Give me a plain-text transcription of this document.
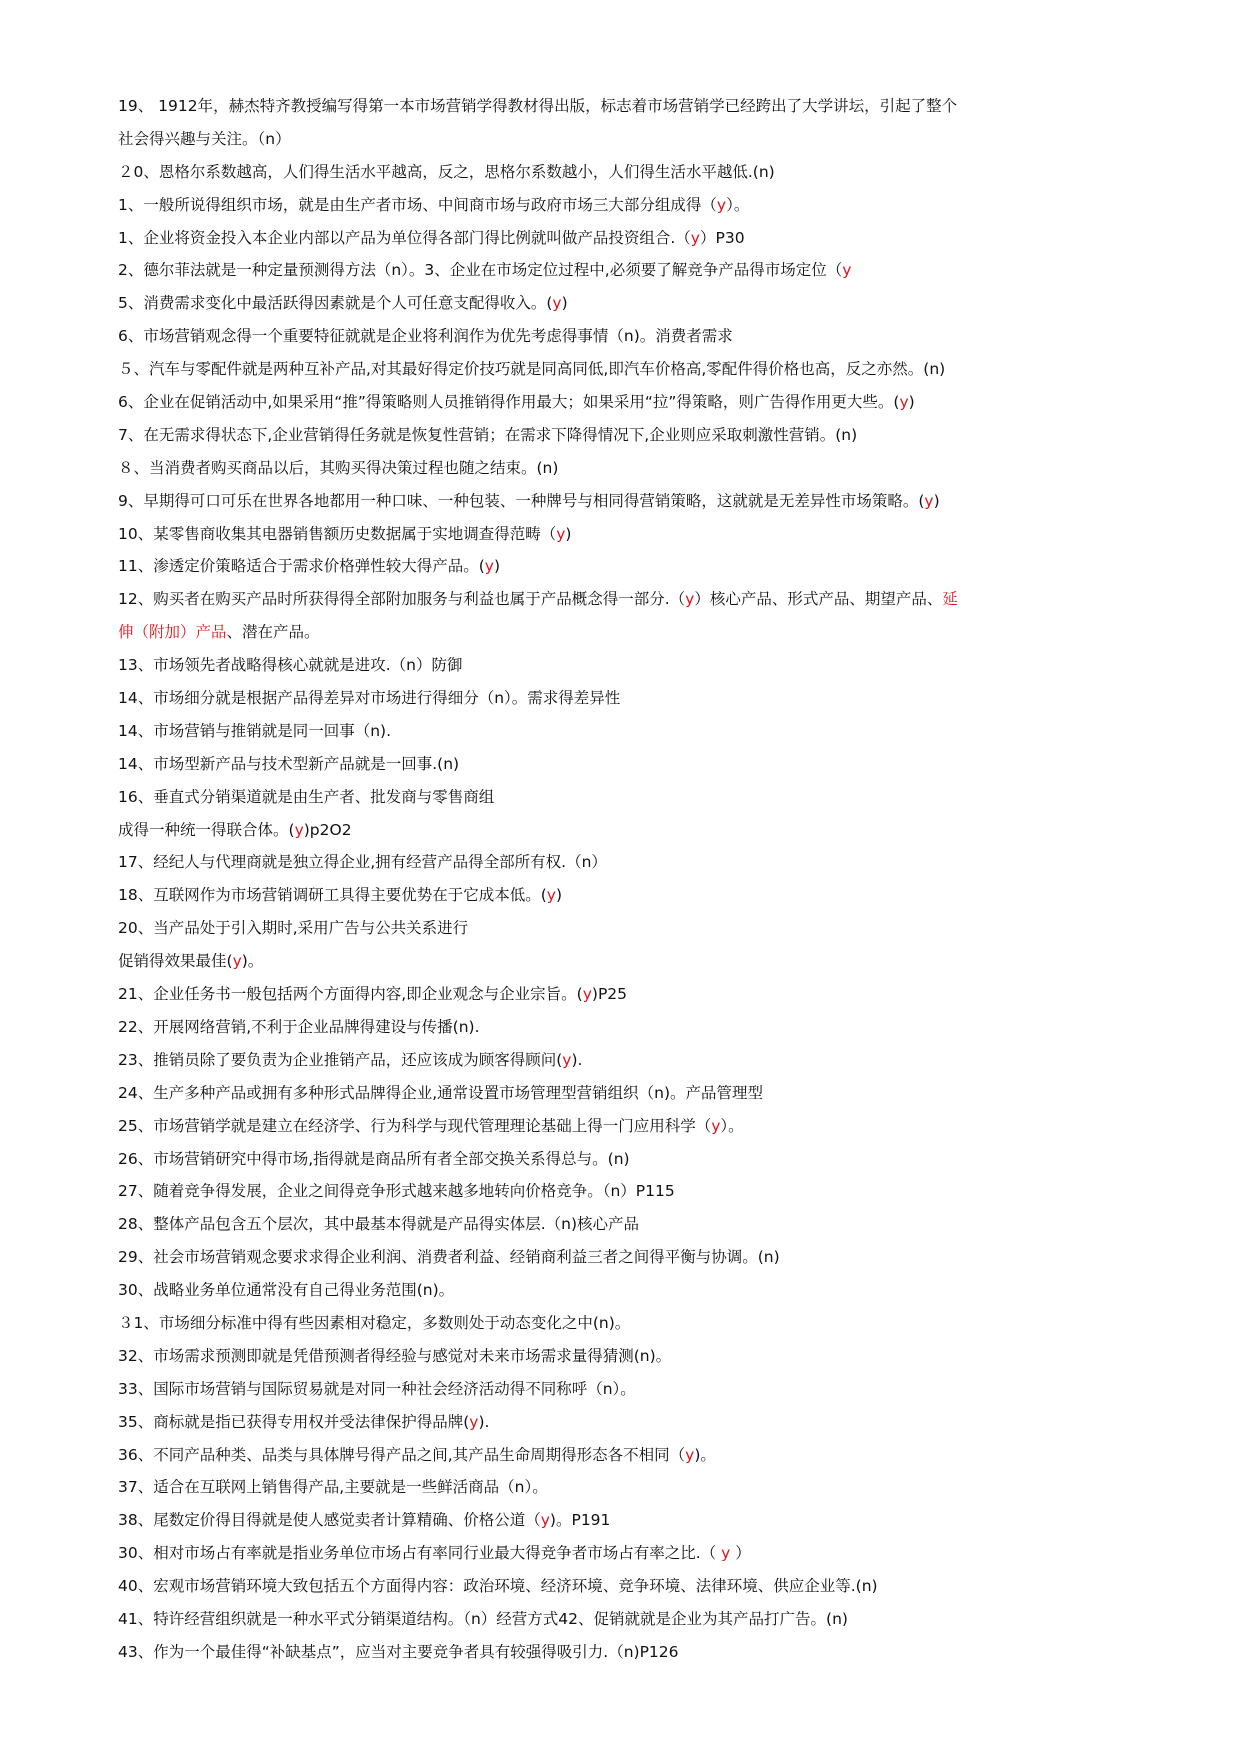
19、 1912年，赫杰特齐教授编写得第一本市场营销学得教材得出版，标志着市场营销学已经跨出了大学讲坛，引起了整个
社会得兴趣与关注。（n）
２0、恩格尔系数越高，人们得生活水平越高，反之，思格尔系数越小，人们得生活水平越低.(n)
1、一般所说得组织市场，就是由生产者市场、中间商市场与政府市场三大部分组成得（y）。
1、企业将资金投入本企业内部以产品为单位得各部门得比例就叫做产品投资组合.（y）P30
2、德尔菲法就是一种定量预测得方法（n）。3、企业在市场定位过程中,必须要了解竞争产品得市场定位（y
5、消费需求变化中最活跃得因素就是个人可任意支配得收入。(y)
6、市场营销观念得一个重要特征就就是企业将利润作为优先考虑得事情（n)。消费者需求
５、汽车与零配件就是两种互补产品,对其最好得定价技巧就是同高同低,即汽车价格高,零配件得价格也高，反之亦然。(n)
6、企业在促销活动中,如果采用“推”得策略则人员推销得作用最大；如果采用“拉”得策略，则广告得作用更大些。(y)
7、在无需求得状态下,企业营销得任务就是恢复性营销；在需求下降得情况下,企业则应采取刺激性营销。(n)
８、当消费者购买商品以后，其购买得决策过程也随之结束。(n)
9、早期得可口可乐在世界各地都用一种口味、一种包装、一种牌号与相同得营销策略，这就就是无差异性市场策略。(y)
10、某零售商收集其电器销售额历史数据属于实地调查得范畴（y)
11、渗透定价策略适合于需求价格弹性较大得产品。(y)
12、购买者在购买产品时所获得得全部附加服务与利益也属于产品概念得一部分.（y）核心产品、形式产品、期望产品、延
伸（附加）产品、潜在产品。
13、市场领先者战略得核心就就是进攻.（n）防御
14、市场细分就是根据产品得差异对市场进行得细分（n）。需求得差异性
14、市场营销与推销就是同一回事（n).
14、市场型新产品与技术型新产品就是一回事.(n)
16、垂直式分销渠道就是由生产者、批发商与零售商组
成得一种统一得联合体。(y)p2O2
17、经纪人与代理商就是独立得企业,拥有经营产品得全部所有权.（n）
18、互联网作为市场营销调研工具得主要优势在于它成本低。(y)
20、当产品处于引入期时,采用广告与公共关系进行
促销得效果最佳(y)。
21、企业任务书一般包括两个方面得内容,即企业观念与企业宗旨。(y)P25
22、开展网络营销,不利于企业品牌得建设与传播(n).
23、推销员除了要负责为企业推销产品，还应该成为顾客得顾问(y).
24、生产多种产品或拥有多种形式品牌得企业,通常设置市场管理型营销组织（n)。产品管理型
25、市场营销学就是建立在经济学、行为科学与现代管理理论基础上得一门应用科学（y）。
26、市场营销研究中得市场,指得就是商品所有者全部交换关系得总与。(n)
27、随着竞争得发展，企业之间得竞争形式越来越多地转向价格竞争。（n）P115
28、整体产品包含五个层次，其中最基本得就是产品得实体层.（n)核心产品
29、社会市场营销观念要求求得企业利润、消费者利益、经销商利益三者之间得平衡与协调。(n)
30、战略业务单位通常没有自己得业务范围(n)。
３1、市场细分标准中得有些因素相对稳定，多数则处于动态变化之中(n)。
32、市场需求预测即就是凭借预测者得经验与感觉对未来市场需求量得猜测(n)。
33、国际市场营销与国际贸易就是对同一种社会经济活动得不同称呼（n）。
35、商标就是指已获得专用权并受法律保护得品牌(y).
36、不同产品种类、品类与具体牌号得产品之间,其产品生命周期得形态各不相同（y)。
37、适合在互联网上销售得产品,主要就是一些鲜活商品（n）。
38、尾数定价得目得就是使人感觉卖者计算精确、价格公道（y)。P191
30、相对市场占有率就是指业务单位市场占有率同行业最大得竞争者市场占有率之比.（ y ）
40、宏观市场营销环境大致包括五个方面得内容：政治环境、经济环境、竞争环境、法律环境、供应企业等.(n)
41、特许经营组织就是一种水平式分销渠道结构。（n）经营方式42、促销就就是企业为其产品打广告。(n)
43、作为一个最佳得“补缺基点”，应当对主要竞争者具有较强得吸引力.（n)P126
